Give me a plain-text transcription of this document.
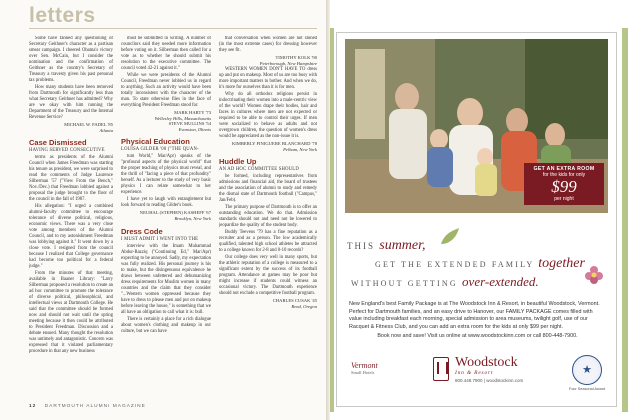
letters

Some have fanned any questioning of Secretary Geithner's character as a partisan smear campaign. I cheered Obama's victory over Sen. McCain, but I consider the nomination and the confirmation of Geithner as the country's Secretary of Treasury a travesty given his past personal tax problems.

How many students have been removed from Dartmouth for significantly less than what Secretary Geithner has admitted? Why are we okay with him running the Department of the Treasury and the Internal Revenue Service?

MICHAEL W. FADEL '85
Atlanta
Case Dismissed

HAVING SERVED CONSECUTIVE

terms as presidents of the Alumni Council when James Freedman was starting his tenure as president, we were surprised to read the comments of Judge Laurence Silberman '57 ("View From the Bench," Nov./Dec.) that Freedman lobbied against a proposal the judge brought to the floor of the council in the fall of 1987.

His allegation: "I urged a combined alumni-faculty committee to encourage tolerance of diverse political, religious, economic views. There was a very close vote among members of the Alumni Council, and to my astonishment Freedman was lobbying against it." It went down by a close vote. I resigned from the council because I realized that College governance had become too political for a federal judge."

From the minutes of that meeting, available in Baaner Library: "Larry Silberman proposed a resolution to create an ad hoc committee to promote the tolerance of diverse political, philosophical, and intellectual views at Dartmouth College. He said that the committee should be formed now and should not wait until the spring meeting because it then could be attributed to President Freedman. Discussion and a debate ensued. Many thought the resolution was untimely and antagonistic. Concern was expressed that it violated parliamentary procedure in that any new business

must be submitted in writing. A number of councilors said they needed more information before voting on it. Silberman then called for a vote as to whether he should submit his resolution to the executive committee. The council voted 42-21 against it."

While we were presidents of the Alumni Council, Freedman never lobbied us in regard to anything. Such an activity would have been totally inconsistent with the character of the man. To state otherwise flies in the face of everything President Freedman stood for.

MARK HARTY '73
Wellesley Hills, Massachusetts
STEVE MULLINS '54
Evanston, Illinois
Physical Education

LOUISA GILDER '00 ("THE QUAN-

tum World," Mar/Apr) speaks of the "profound aspects of the physical world" that the proper teaching of physics must reveal, and the thrill of "facing a piece of that profundity" herself. As a lecturer to the study of very basic physics I can relate somewhat to her experience.

I have yet to laugh with entanglement but look forward to reading Gilder's book.

NEUHAL (STEPHEN) KASHEFF '67
Brooklyn, New York
Dress Code

I MUST ADMIT I WENT INTO THE

interview with the Imam Muhammad Abdur-Razziq ("Continuing Ed," Mar/Apr) expecting to be annoyed. Sadly, my expectation was fully realized. His personal journey is his to make, but the disingenuous equivalence he draws between unfettered and dehumanizing dress requirements for Muslim women in many countries and the claim that they consider "...Western women oppressed because they have to dress to please men and put on makeup before leaving the house," is something that we all have an obligation to call what it is: bull.

There is certainly a place for a rich dialogue about women's clothing and makeup in our culture, but we can have

that conversation when women are not stoned (in the most extreme cases) for dressing however they see fit.

TIMOTHY KOLK '90
Peterborough, New Hampshire

WESTERN WOMEN DON'T HAVE TO dress up and put on makeup. Most of us are too busy with more important matters to bother. And when we do, it's more for ourselves than it is for men.

Why do all orthodox religions persist in indoctrinating their women into a male-centric view of the world? Women drape their bodies, hair and faces in cultures where men are not expected or required to be able to control their urges. If men were socialized to behave as adults and not overgrown children, the question of women's dress would be appreciated as the non-issue it is.

KIMBERLY FINIGUERE BLANCHARD '78
Pelham, New York
Huddle Up

AN AD HOC COMMITTEE SHOULD

be formed, including representatives from admissions and financial aid, the board of trustees and the association of alumni to study and remedy the dismal state of Dartmouth football ("Campus," Jan/Feb).

The primary purpose of Dartmouth is to offer an outstanding education. We do that. Admission standards should not and need not be lowered to jeopardize the quality of the student body.

Buddy Teevens '79 has a fine reputation as a recruiter and as a person. The low academically qualified, talented high school athletes be attracted to a college known for 2-8 and 0-10 records?

Our college does very well in many sports, but the athletic reputation of a college is measured to a significant extent by the success of its football program. Attendance at games may be poor but might increase if students could witness an occasional victory. The Dartmouth experience should not exclude a competitive football program.

CHARLES CUSAK '45
Bend, Oregon
12 DARTMOUTH ALUMNI MAGAZINE
GET AN EXTRA ROOM
for the kids for only
$99
per night
THIS summer,
GET THE EXTENDED FAMILY together
WITHOUT GETTING over-extended.

New England's best Family Package is at The Woodstock Inn & Resort, in beautiful Woodstock, Vermont. Perfect for Dartmouth families, and an easy drive to Hanover, our FAMILY PACKAGE comes filled with value including breakfast each morning, special admission to area museums, twilight golf, use of our Racquet & Fitness Club, and you can add an extra room for the kids at only $99 per night.

Book now and save! Visit us online at www.woodstockinn.com or call 800-448-7900.

Vermont
Small Hotels
Woodstock
Inn & Resort
800.448.7900 | woodstockinn.com
★
Four Seasonal Award
